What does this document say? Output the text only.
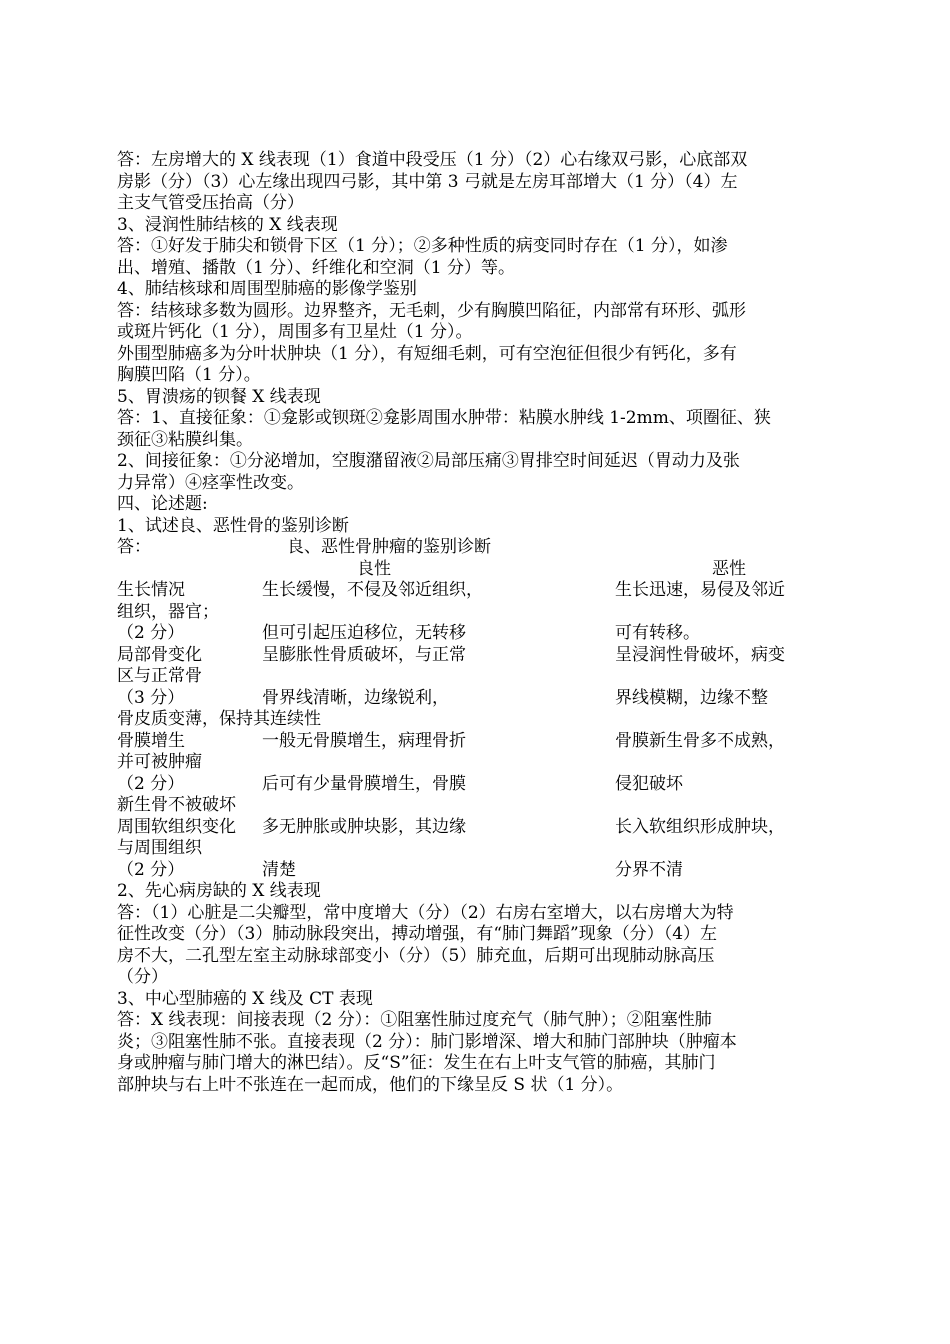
答：左房增大的 X 线表现（1）食道中段受压（1 分）（2）心右缘双弓影，心底部双
房影（分）（3）心左缘出现四弓影，其中第 3 弓就是左房耳部增大（1 分）（4）左
主支气管受压抬高（分）
3、浸润性肺结核的 X 线表现
答：①好发于肺尖和锁骨下区（1 分）；②多种性质的病变同时存在（1 分），如渗
出、增殖、播散（1 分）、纤维化和空洞（1 分）等。
4、肺结核球和周围型肺癌的影像学鉴别
答：结核球多数为圆形。边界整齐，无毛刺，少有胸膜凹陷征，内部常有环形、弧形
或斑片钙化（1 分），周围多有卫星灶（1 分）。
外围型肺癌多为分叶状肿块（1 分），有短细毛刺，可有空泡征但很少有钙化，多有
胸膜凹陷（1 分）。
5、胃溃疡的钡餐 X 线表现
答：1、直接征象：①龛影或钡斑②龛影周围水肿带：粘膜水肿线 1-2mm、项圈征、狭
颈征③粘膜纠集。
2、间接征象：①分泌增加，空腹潴留液②局部压痛③胃排空时间延迟（胃动力及张
力异常）④痉挛性改变。
四、论述题:
1、试述良、恶性骨的鉴别诊断
答：	良、恶性骨肿瘤的鉴别诊断
良性	恶性
生长情况	生长缓慢，不侵及邻近组织，	生长迅速，易侵及邻近
组织，器官；
（2 分）	但可引起压迫移位，无转移	可有转移。
局部骨变化	呈膨胀性骨质破坏，与正常	呈浸润性骨破坏，病变
区与正常骨
（3 分）	骨界线清晰，边缘锐利，	界线模糊，边缘不整
骨皮质变薄，保持其连续性
骨膜增生	一般无骨膜增生，病理骨折	骨膜新生骨多不成熟，
并可被肿瘤
（2 分）	后可有少量骨膜增生，骨膜	侵犯破坏
新生骨不被破坏
周围软组织变化 多无肿胀或肿块影，其边缘	长入软组织形成肿块，
与周围组织
（2 分）	清楚	分界不清
2、先心病房缺的 X 线表现
答：（1）心脏是二尖瓣型，常中度增大（分）（2）右房右室增大，以右房增大为特
征性改变（分）（3）肺动脉段突出，搏动增强，有“肺门舞蹈”现象（分）（4）左
房不大，二孔型左室主动脉球部变小（分）（5）肺充血，后期可出现肺动脉高压
（分）
3、中心型肺癌的 X 线及 CT 表现
答：X 线表现：间接表现（2 分）：①阻塞性肺过度充气（肺气肿）；②阻塞性肺
炎；③阻塞性肺不张。直接表现（2 分）：肺门影增深、增大和肺门部肿块（肿瘤本
身或肿瘤与肺门增大的淋巴结）。反“S”征：发生在右上叶支气管的肺癌，其肺门
部肿块与右上叶不张连在一起而成，他们的下缘呈反 S 状（1 分）。
